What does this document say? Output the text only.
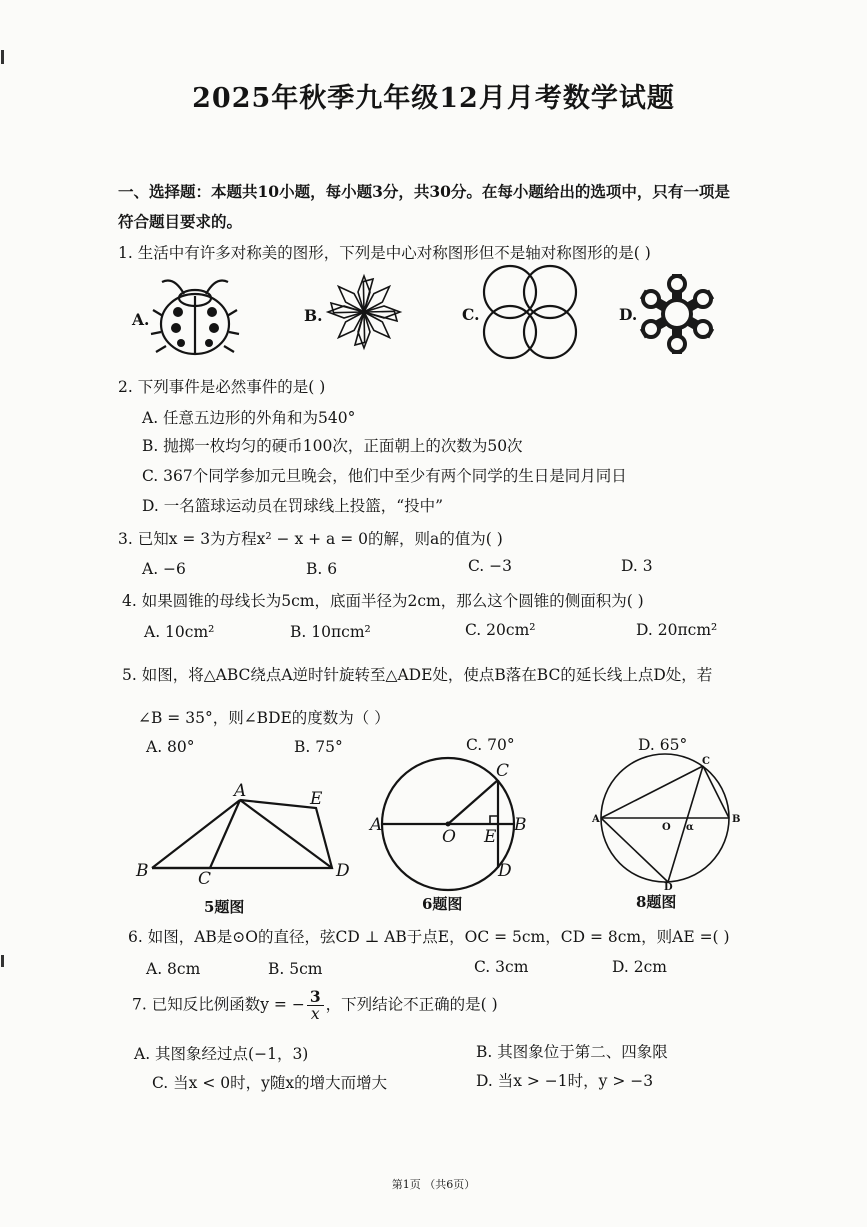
2025年秋季九年级12月月考数学试题
一、选择题：本题共10小题，每小题3分，共30分。在每小题给出的选项中，只有一项是
符合题目要求的。
1. 生活中有许多对称美的图形，下列是中心对称图形但不是轴对称图形的是( )
A.	B.	C.	D.
2. 下列事件是必然事件的是( )
A. 任意五边形的外角和为540°
B. 抛掷一枚均匀的硬币100次，正面朝上的次数为50次
C. 367个同学参加元旦晚会，他们中至少有两个同学的生日是同月同日
D. 一名篮球运动员在罚球线上投篮，“投中”
3. 已知x = 3为方程x² − x + a = 0的解，则a的值为( )
A. −6	B. 6	C. −3	D. 3
4. 如果圆锥的母线长为5cm，底面半径为2cm，那么这个圆锥的侧面积为( )
A. 10cm²	B. 10πcm²	C. 20cm²	D. 20πcm²
5. 如图，将△ABC绕点A逆时针旋转至△ADE处，使点B落在BC的延长线上点D处，若
∠B = 35°，则∠BDE的度数为（ ）
A. 80°	B. 75°	C. 70°	D. 65°
A	E
B	C	D
5题图
A
O E
B
C
D
6题图
A	B
C
D
O α
8题图
6. 如图，AB是⊙O的直径，弦CD ⊥ AB于点E，OC = 5cm，CD = 8cm，则AE =( )
A. 8cm	B. 5cm	C. 3cm	D. 2cm
7. 已知反比例函数y = − $\frac{3}{x}$ ，下列结论不正确的是( )
A. 其图象经过点(−1，3)	B. 其图象位于第二、四象限
C. 当x < 0时，y随x的增大而增大	D. 当x > −1时，y > −3
第1页 （共6页）
